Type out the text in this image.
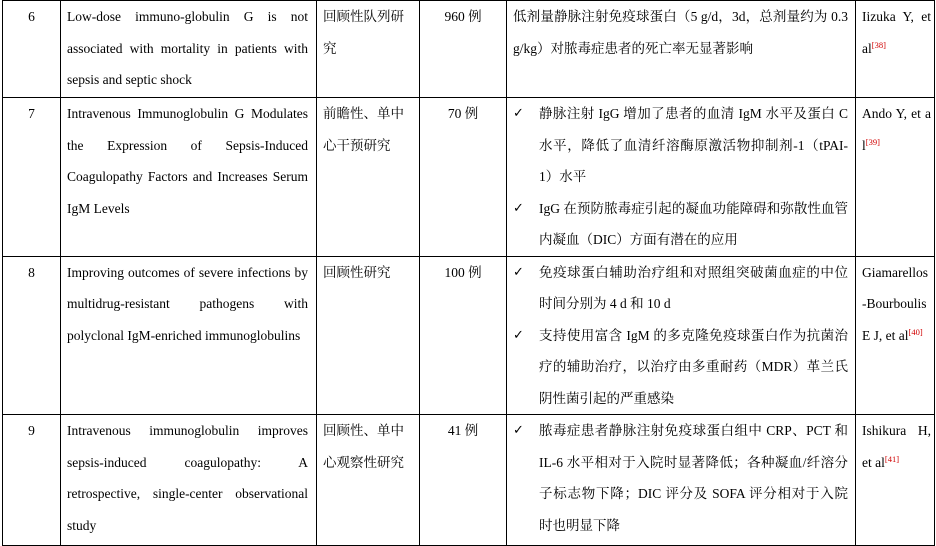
6	Low-dose immuno-globulin G is not associated with mortality in patients with sepsis and septic shock	回顾性队列研究	960 例	低剂量静脉注射免疫球蛋白（5 g/d，3d，总剂量约为 0.3 g/kg）对脓毒症患者的死亡率无显著影响	Iizuka Y, et al[38]
7	Intravenous Immunoglobulin G Modulates the Expression of Sepsis-Induced Coagulopathy Factors and Increases Serum IgM Levels	前瞻性、单中心干预研究	70 例	✓ 静脉注射 IgG 增加了患者的血清 IgM 水平及蛋白 C 水平，降低了血清纤溶酶原激活物抑制剂-1（tPAI-1）水平
✓ IgG 在预防脓毒症引起的凝血功能障碍和弥散性血管内凝血（DIC）方面有潜在的应用	Ando Y, et al[39]
8	Improving outcomes of severe infections by multidrug-resistant pathogens with polyclonal IgM-enriched immunoglobulins	回顾性研究	100 例	✓ 免疫球蛋白辅助治疗组和对照组突破菌血症的中位时间分别为 4 d 和 10 d
✓ 支持使用富含 IgM 的多克隆免疫球蛋白作为抗菌治疗的辅助治疗，以治疗由多重耐药（MDR）革兰氏阴性菌引起的严重感染	Giamarellos-Bourboulis E J, et al[40]
9	Intravenous immunoglobulin improves sepsis-induced coagulopathy: A retrospective, single-center observational study	回顾性、单中心观察性研究	41 例	✓ 脓毒症患者静脉注射免疫球蛋白组中 CRP、PCT 和 IL-6 水平相对于入院时显著降低；各种凝血/纤溶分子标志物下降；DIC 评分及 SOFA 评分相对于入院时也明显下降	Ishikura H, et al[41]
